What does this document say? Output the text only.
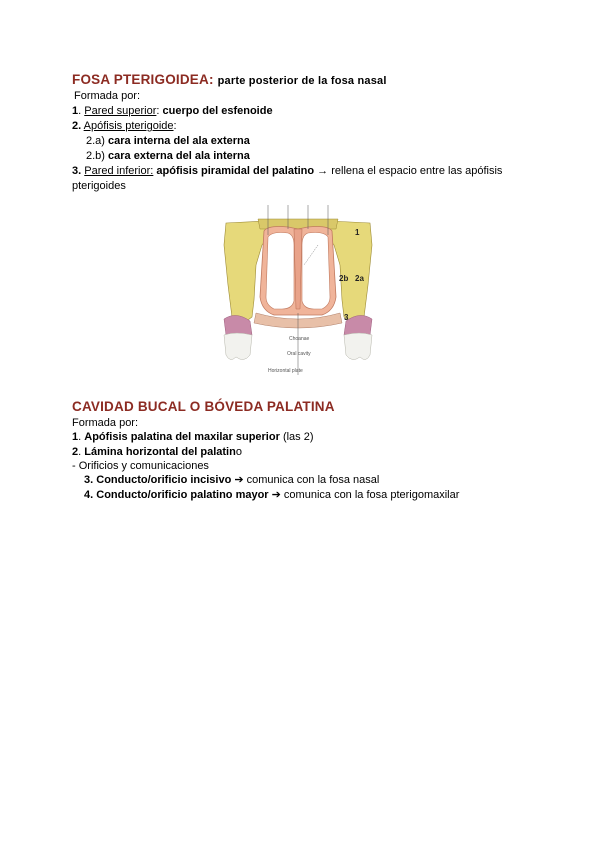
FOSA PTERIGOIDEA: parte posterior de la fosa nasal
Formada por:
1. Pared superior: cuerpo del esfenoide
2. Apófisis pterigoide:
2.a) cara interna del ala externa
2.b) cara externa del ala interna
3. Pared inferior: apófisis piramidal del palatino → rellena el espacio entre las apófisis
pterigoides
1
2b 2a
3
Choanae
Oral cavity
Horizontal plate
CAVIDAD BUCAL O BÓVEDA PALATINA
Formada por:
1. Apófisis palatina del maxilar superior (las 2)
2. Lámina horizontal del palatino
- Orificios y comunicaciones
3. Conducto/orificio incisivo ➔ comunica con la fosa nasal
4. Conducto/orificio palatino mayor ➔ comunica con la fosa pterigomaxilar
